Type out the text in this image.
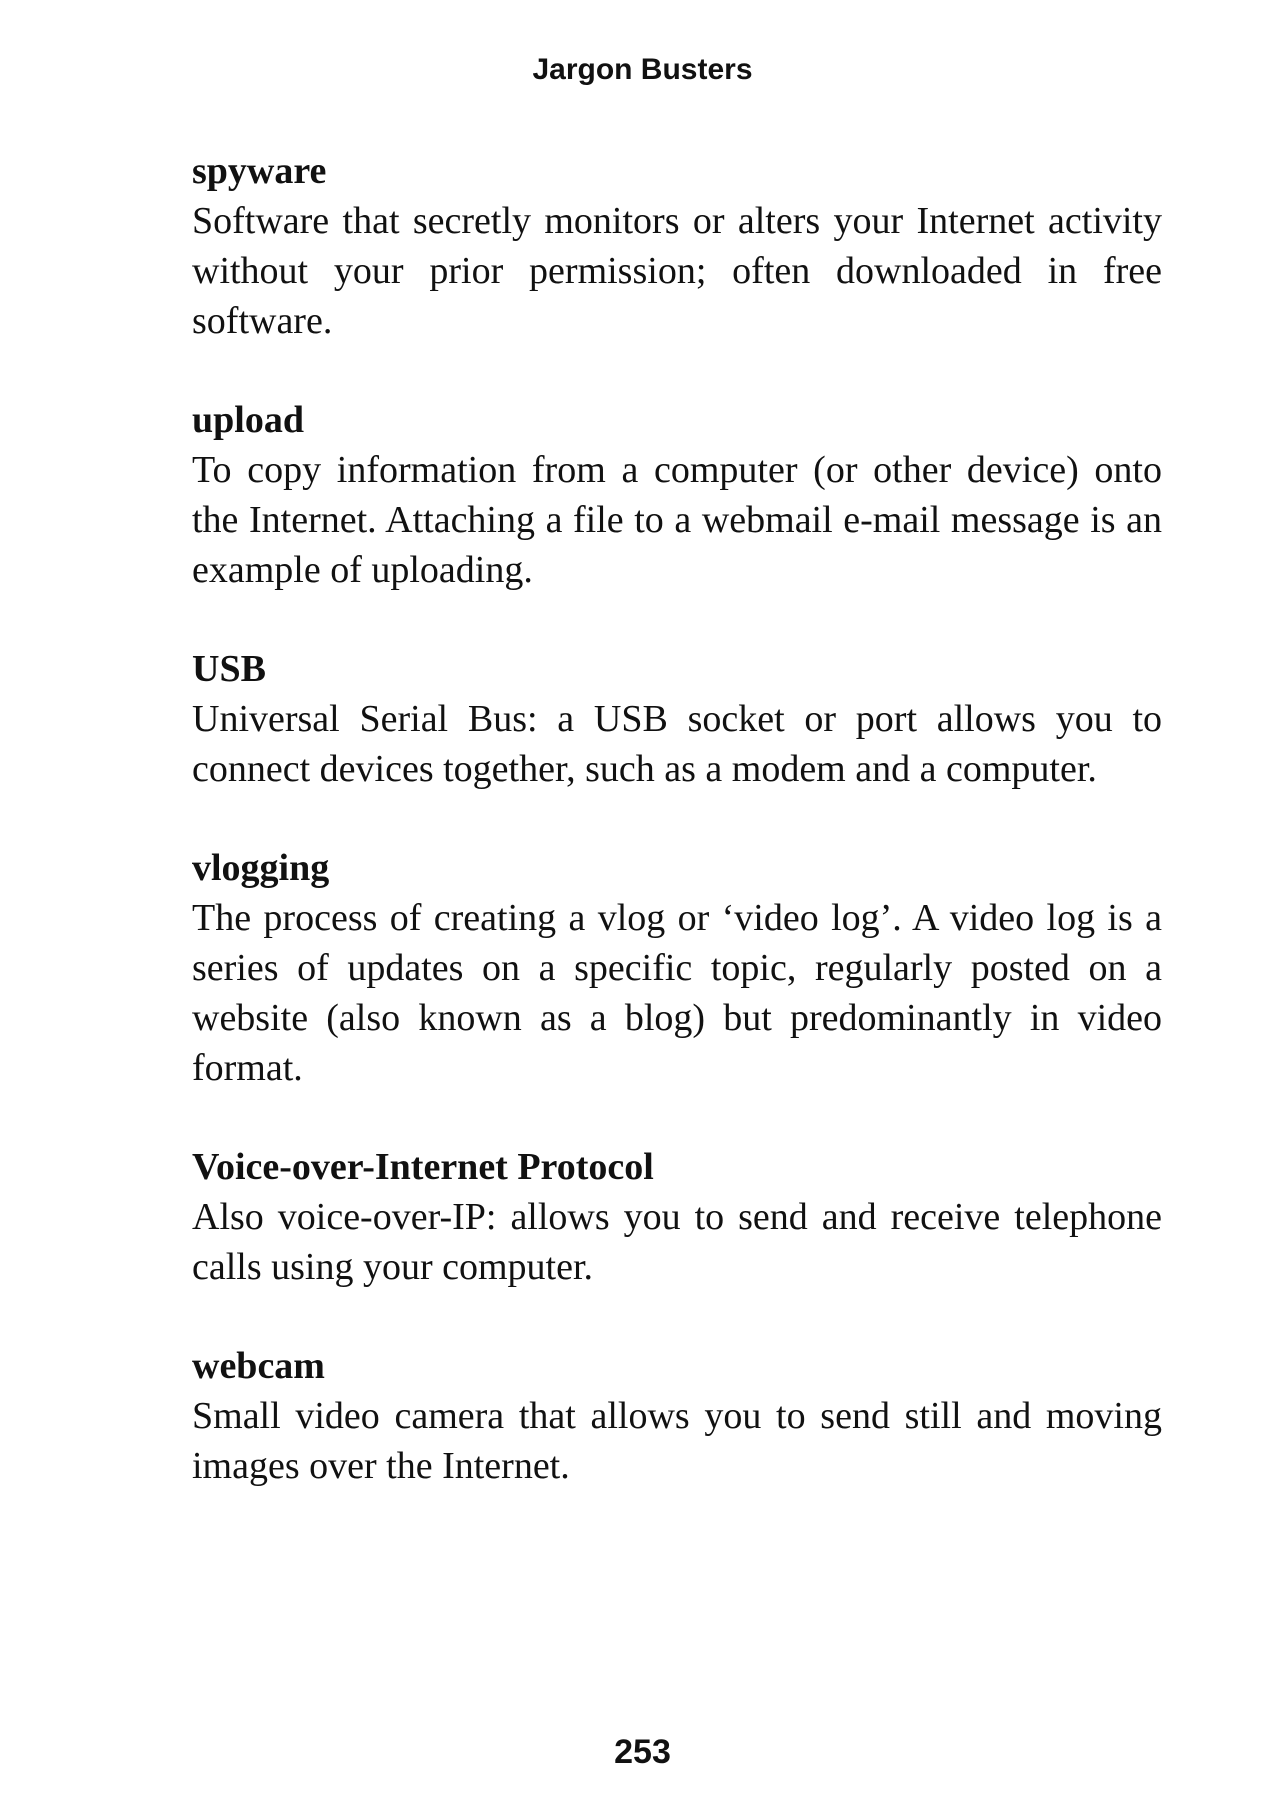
Jargon Busters

spyware

Software that secretly monitors or alters your Internet activity without your prior permission; often downloaded in free software.

upload

To copy information from a computer (or other device) onto the Internet. Attaching a file to a webmail e-mail message is an example of uploading.

USB

Universal Serial Bus: a USB socket or port allows you to connect devices together, such as a modem and a computer.

vlogging

The process of creating a vlog or ‘video log’. A video log is a series of updates on a specific topic, regularly posted on a website (also known as a blog) but predominantly in video format.

Voice-over-Internet Protocol

Also voice-over-IP: allows you to send and receive telephone calls using your computer.

webcam

Small video camera that allows you to send still and moving images over the Internet.

253
